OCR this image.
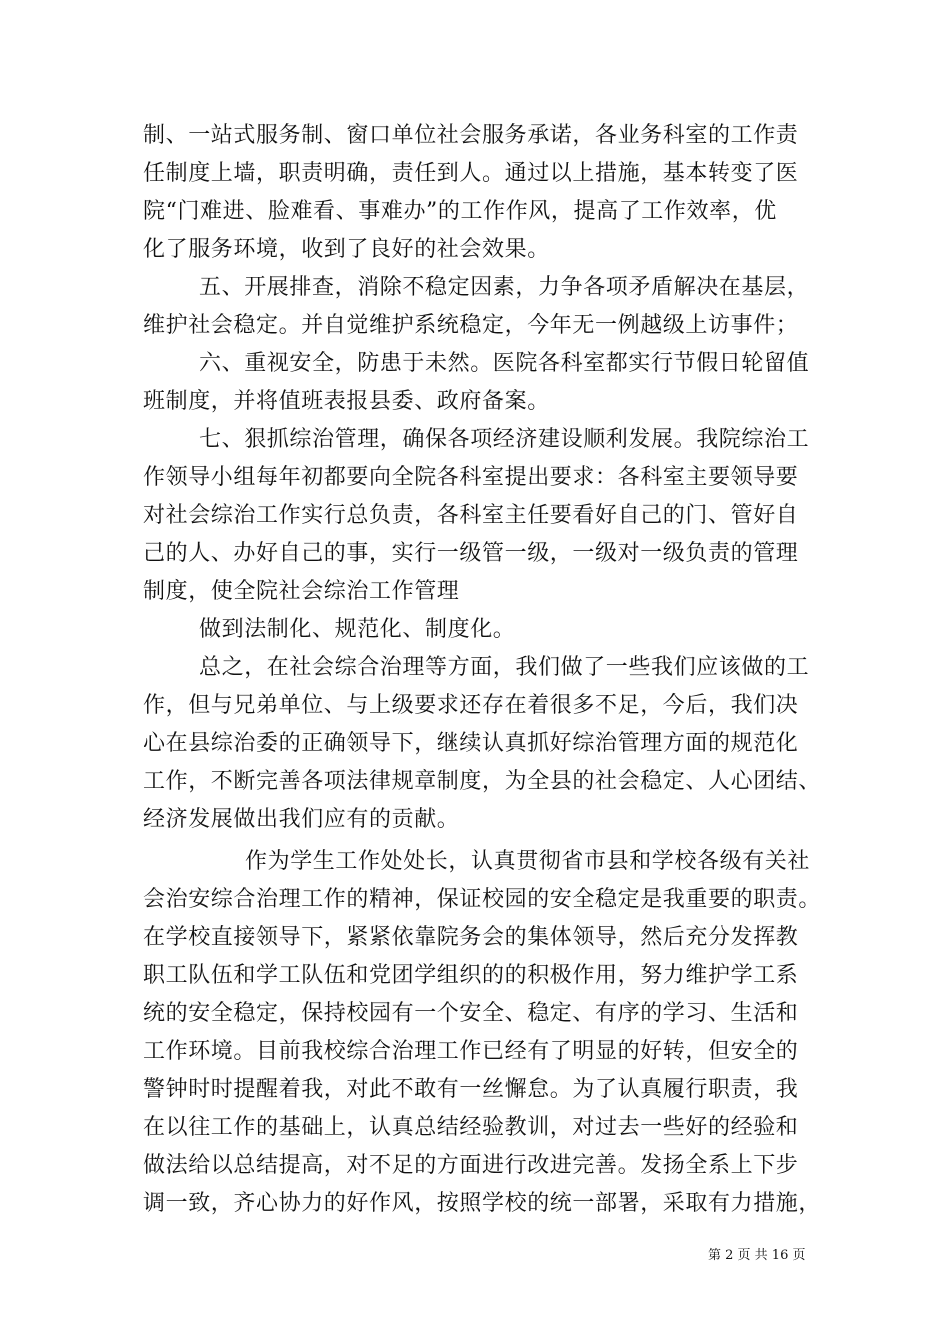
制、一站式服务制、窗口单位社会服务承诺，各业务科室的工作责
任制度上墙，职责明确，责任到人。通过以上措施，基本转变了医
院“门难进、脸难看、事难办”的工作作风，提高了工作效率，优
化了服务环境，收到了良好的社会效果。
五、开展排查，消除不稳定因素，力争各项矛盾解决在基层，
维护社会稳定。并自觉维护系统稳定，今年无一例越级上访事件；
六、重视安全，防患于未然。医院各科室都实行节假日轮留值
班制度，并将值班表报县委、政府备案。
七、狠抓综治管理，确保各项经济建设顺利发展。我院综治工
作领导小组每年初都要向全院各科室提出要求：各科室主要领导要
对社会综治工作实行总负责，各科室主任要看好自己的门、管好自
己的人、办好自己的事，实行一级管一级，一级对一级负责的管理
制度，使全院社会综治工作管理
做到法制化、规范化、制度化。
总之，在社会综合治理等方面，我们做了一些我们应该做的工
作，但与兄弟单位、与上级要求还存在着很多不足，今后，我们决
心在县综治委的正确领导下，继续认真抓好综治管理方面的规范化
工作，不断完善各项法律规章制度，为全县的社会稳定、人心团结、
经济发展做出我们应有的贡献。
作为学生工作处处长，认真贯彻省市县和学校各级有关社
会治安综合治理工作的精神，保证校园的安全稳定是我重要的职责。
在学校直接领导下，紧紧依靠院务会的集体领导，然后充分发挥教
职工队伍和学工队伍和党团学组织的的积极作用，努力维护学工系
统的安全稳定，保持校园有一个安全、稳定、有序的学习、生活和
工作环境。目前我校综合治理工作已经有了明显的好转，但安全的
警钟时时提醒着我，对此不敢有一丝懈怠。为了认真履行职责，我
在以往工作的基础上，认真总结经验教训，对过去一些好的经验和
做法给以总结提高，对不足的方面进行改进完善。发扬全系上下步
调一致，齐心协力的好作风，按照学校的统一部署，采取有力措施，
第 2 页 共 16 页
